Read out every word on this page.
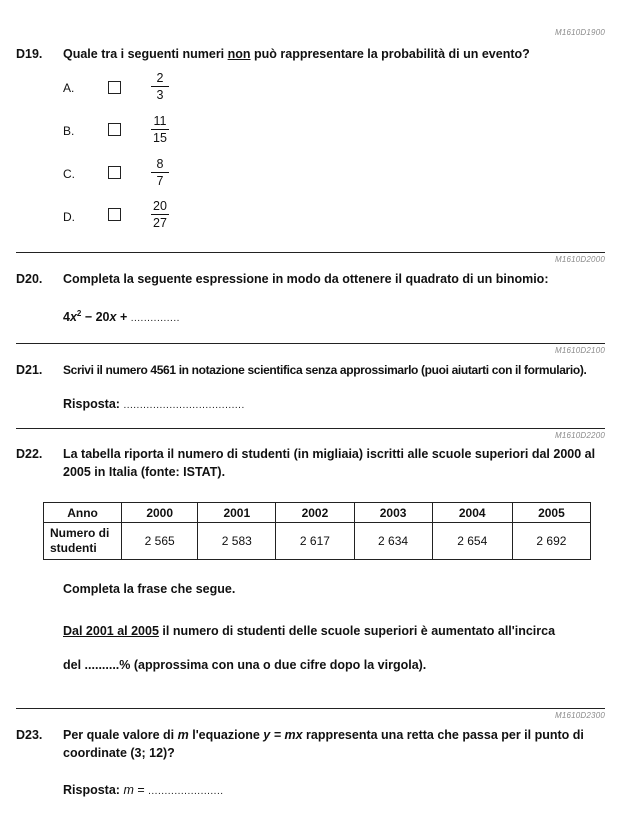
M1610D1900
D19. Quale tra i seguenti numeri non può rappresentare la probabilità di un evento?
A.
2
3
B.
11
15
C.
8
7
D.
20
27
M1610D2000
D20. Completa la seguente espressione in modo da ottenere il quadrato di un binomio:
$4x^2 - 20x$ + ...............
M1610D2100
D21. Scrivi il numero 4561 in notazione scientifica senza approssimarlo (puoi aiutarti con il formulario).
Risposta: .....................................
M1610D2200
D22. La tabella riporta il numero di studenti (in migliaia) iscritti alle scuole superiori dal 2000 al
2005 in Italia (fonte: ISTAT).
Anno	2000	2001	2002	2003	2004	2005
Numero di
studenti	2 565	2 583	2 617	2 634	2 654	2 692
Completa la frase che segue.
Dal 2001 al 2005 il numero di studenti delle scuole superiori è aumentato all'incirca
del ..........% (approssima con una o due cifre dopo la virgola).
M1610D2300
D23. Per quale valore di m l'equazione y = mx rappresenta una retta che passa per il punto di
coordinate (3; 12)?
Risposta: m = .......................
